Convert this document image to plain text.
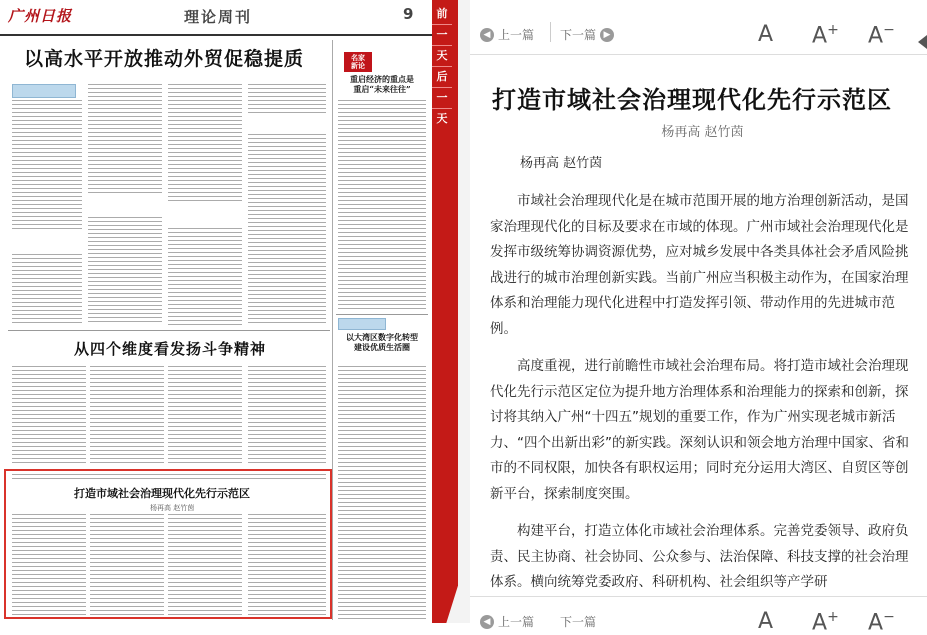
广州日报	理论周刊	9
以高水平开放推动外贸促稳提质	名家
新论
重启经济的重点是
重启“未来往往”
以大湾区数字化转型
建设优质生活圈
从四个维度看发扬斗争精神
打造市域社会治理现代化先行示范区
杨再高 赵竹茵
前
一
天
后
一
天
◀ 上一篇 下一篇 ▶	A A+ A−
打造市域社会治理现代化先行示范区
杨再高 赵竹茵
杨再高 赵竹茵

市域社会治理现代化是在城市范围开展的地方治理创新活动，是国家治理现代化的目标及要求在市域的体现。广州市域社会治理现代化是发挥市级统筹协调资源优势，应对城乡发展中各类具体社会矛盾风险挑战进行的城市治理创新实践。当前广州应当积极主动作为，在国家治理体系和治理能力现代化进程中打造发挥引领、带动作用的先进城市范例。

高度重视，进行前瞻性市域社会治理布局。将打造市域社会治理现代化先行示范区定位为提升地方治理体系和治理能力的探索和创新，探讨将其纳入广州“十四五”规划的重要工作，作为广州实现老城市新活力、“四个出新出彩”的新实践。深刻认识和领会地方治理中国家、省和市的不同权限，加快各有职权运用；同时充分运用大湾区、自贸区等创新平台，探索制度突围。

构建平台，打造立体化市域社会治理体系。完善党委领导、政府负责、民主协商、社会协同、公众参与、法治保障、科技支撑的社会治理体系。横向统筹党委政府、科研机构、社会组织等产学研

◀ 上一篇 下一篇	A A+ A−
